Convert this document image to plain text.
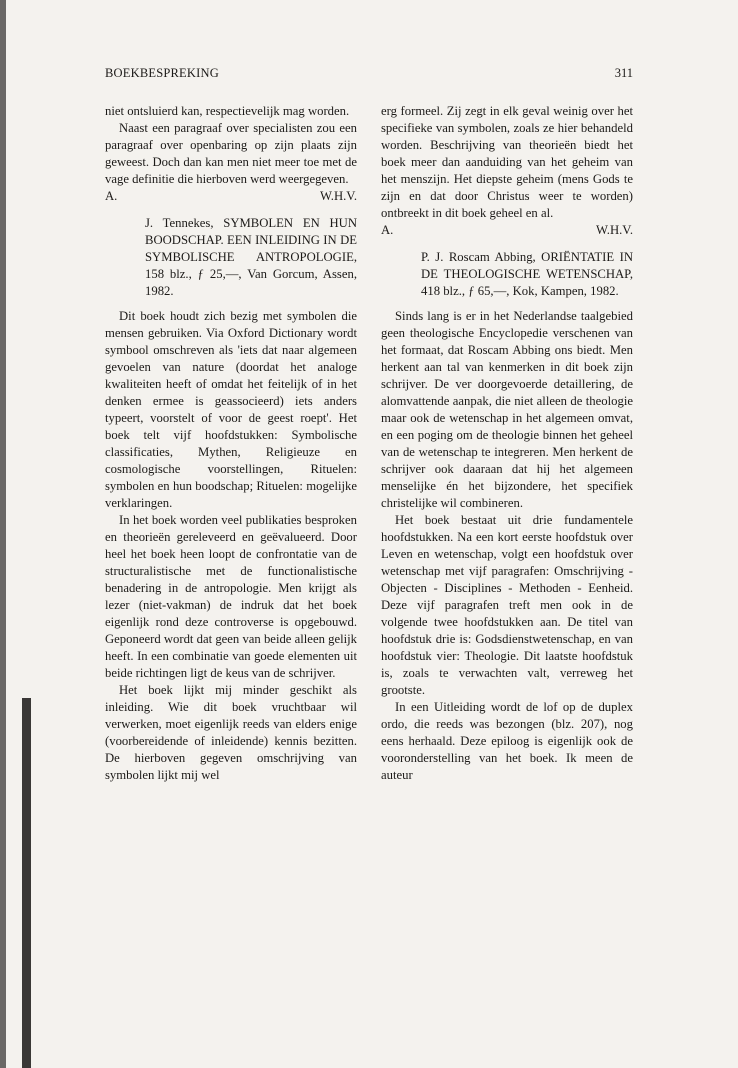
BOEKBESPREKING	311

niet ontsluierd kan, respectievelijk mag worden.

Naast een paragraaf over specialisten zou een paragraaf over openbaring op zijn plaats zijn geweest. Doch dan kan men niet meer toe met de vage definitie die hierboven werd weergegeven.

A.	W.H.V.
J. Tennekes, SYMBOLEN EN HUN BOODSCHAP. EEN INLEIDING IN DE SYMBOLISCHE ANTROPOLOGIE, 158 blz., ƒ 25,—, Van Gorcum, Assen, 1982.

Dit boek houdt zich bezig met symbolen die mensen gebruiken. Via Oxford Dictionary wordt symbool omschreven als 'iets dat naar algemeen gevoelen van nature (doordat het analoge kwaliteiten heeft of omdat het feitelijk of in het denken ermee is geassocieerd) iets anders typeert, voorstelt of voor de geest roept'. Het boek telt vijf hoofdstukken: Symbolische classificaties, Mythen, Religieuze en cosmologische voorstellingen, Rituelen: symbolen en hun boodschap; Rituelen: mogelijke verklaringen.

In het boek worden veel publikaties besproken en theorieën gereleveerd en geëvalueerd. Door heel het boek heen loopt de confrontatie van de structuralistische met de functionalistische benadering in de antropologie. Men krijgt als lezer (niet-vakman) de indruk dat het boek eigenlijk rond deze controverse is opgebouwd. Geponeerd wordt dat geen van beide alleen gelijk heeft. In een combinatie van goede elementen uit beide richtingen ligt de keus van de schrijver.

Het boek lijkt mij minder geschikt als inleiding. Wie dit boek vruchtbaar wil verwerken, moet eigenlijk reeds van elders enige (voorbereidende of inleidende) kennis bezitten. De hierboven gegeven omschrijving van symbolen lijkt mij wel

erg formeel. Zij zegt in elk geval weinig over het specifieke van symbolen, zoals ze hier behandeld worden. Beschrijving van theorieën biedt het boek meer dan aanduiding van het geheim van het menszijn. Het diepste geheim (mens Gods te zijn en dat door Christus weer te worden) ontbreekt in dit boek geheel en al.

A.	W.H.V.
P. J. Roscam Abbing, ORIËNTATIE IN DE THEOLOGISCHE WETENSCHAP, 418 blz., ƒ 65,—, Kok, Kampen, 1982.

Sinds lang is er in het Nederlandse taalgebied geen theologische Encyclopedie verschenen van het formaat, dat Roscam Abbing ons biedt. Men herkent aan tal van kenmerken in dit boek zijn schrijver. De ver doorgevoerde detaillering, de alomvattende aanpak, die niet alleen de theologie maar ook de wetenschap in het algemeen omvat, en een poging om de theologie binnen het geheel van de wetenschap te integreren. Men herkent de schrijver ook daaraan dat hij het algemeen menselijke én het bijzondere, het specifiek christelijke wil combineren.

Het boek bestaat uit drie fundamentele hoofdstukken. Na een kort eerste hoofdstuk over Leven en wetenschap, volgt een hoofdstuk over wetenschap met vijf paragrafen: Omschrijving - Objecten - Disciplines - Methoden - Eenheid. Deze vijf paragrafen treft men ook in de volgende twee hoofdstukken aan. De titel van hoofdstuk drie is: Godsdienstwetenschap, en van hoofdstuk vier: Theologie. Dit laatste hoofdstuk is, zoals te verwachten valt, verreweg het grootste.

In een Uitleiding wordt de lof op de duplex ordo, die reeds was bezongen (blz. 207), nog eens herhaald. Deze epiloog is eigenlijk ook de vooronderstelling van het boek. Ik meen de auteur
